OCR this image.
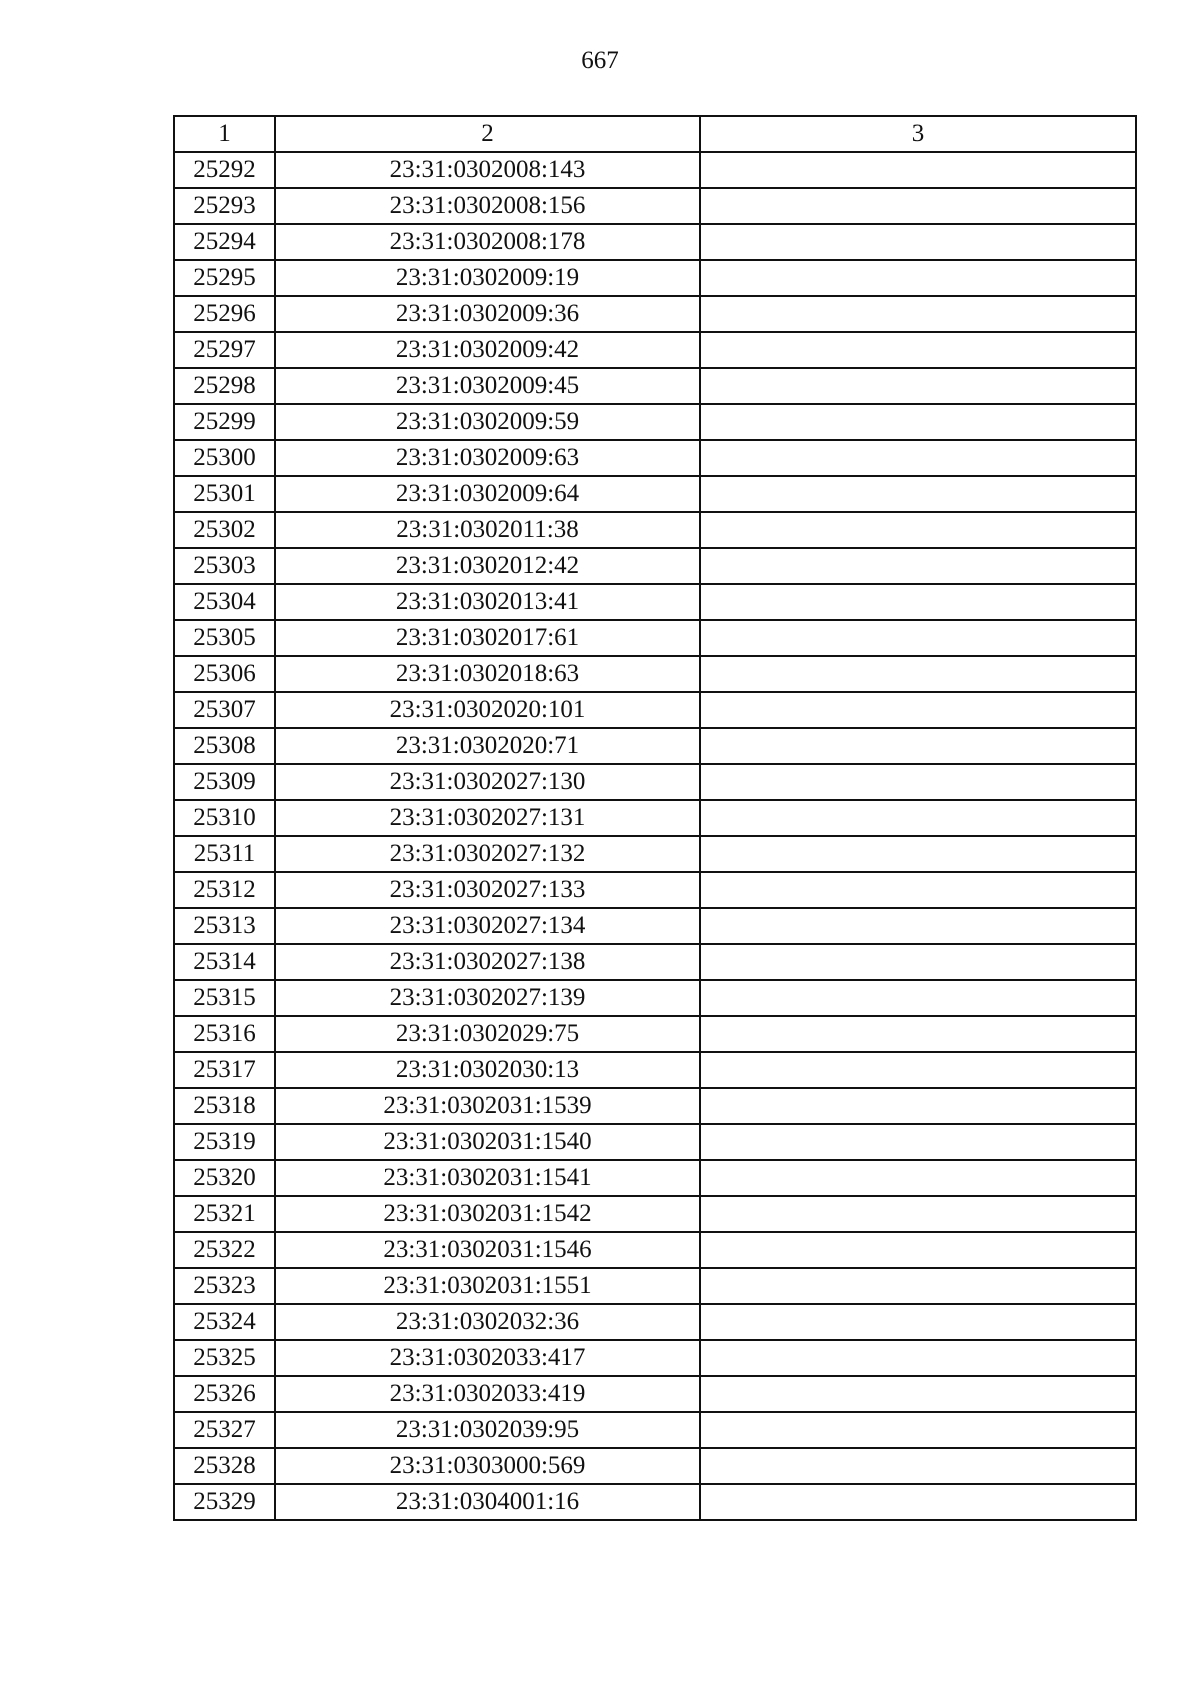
667
1	2	3
25292	23:31:0302008:143	
25293	23:31:0302008:156	
25294	23:31:0302008:178	
25295	23:31:0302009:19	
25296	23:31:0302009:36	
25297	23:31:0302009:42	
25298	23:31:0302009:45	
25299	23:31:0302009:59	
25300	23:31:0302009:63	
25301	23:31:0302009:64	
25302	23:31:0302011:38	
25303	23:31:0302012:42	
25304	23:31:0302013:41	
25305	23:31:0302017:61	
25306	23:31:0302018:63	
25307	23:31:0302020:101	
25308	23:31:0302020:71	
25309	23:31:0302027:130	
25310	23:31:0302027:131	
25311	23:31:0302027:132	
25312	23:31:0302027:133	
25313	23:31:0302027:134	
25314	23:31:0302027:138	
25315	23:31:0302027:139	
25316	23:31:0302029:75	
25317	23:31:0302030:13	
25318	23:31:0302031:1539	
25319	23:31:0302031:1540	
25320	23:31:0302031:1541	
25321	23:31:0302031:1542	
25322	23:31:0302031:1546	
25323	23:31:0302031:1551	
25324	23:31:0302032:36	
25325	23:31:0302033:417	
25326	23:31:0302033:419	
25327	23:31:0302039:95	
25328	23:31:0303000:569	
25329	23:31:0304001:16	
